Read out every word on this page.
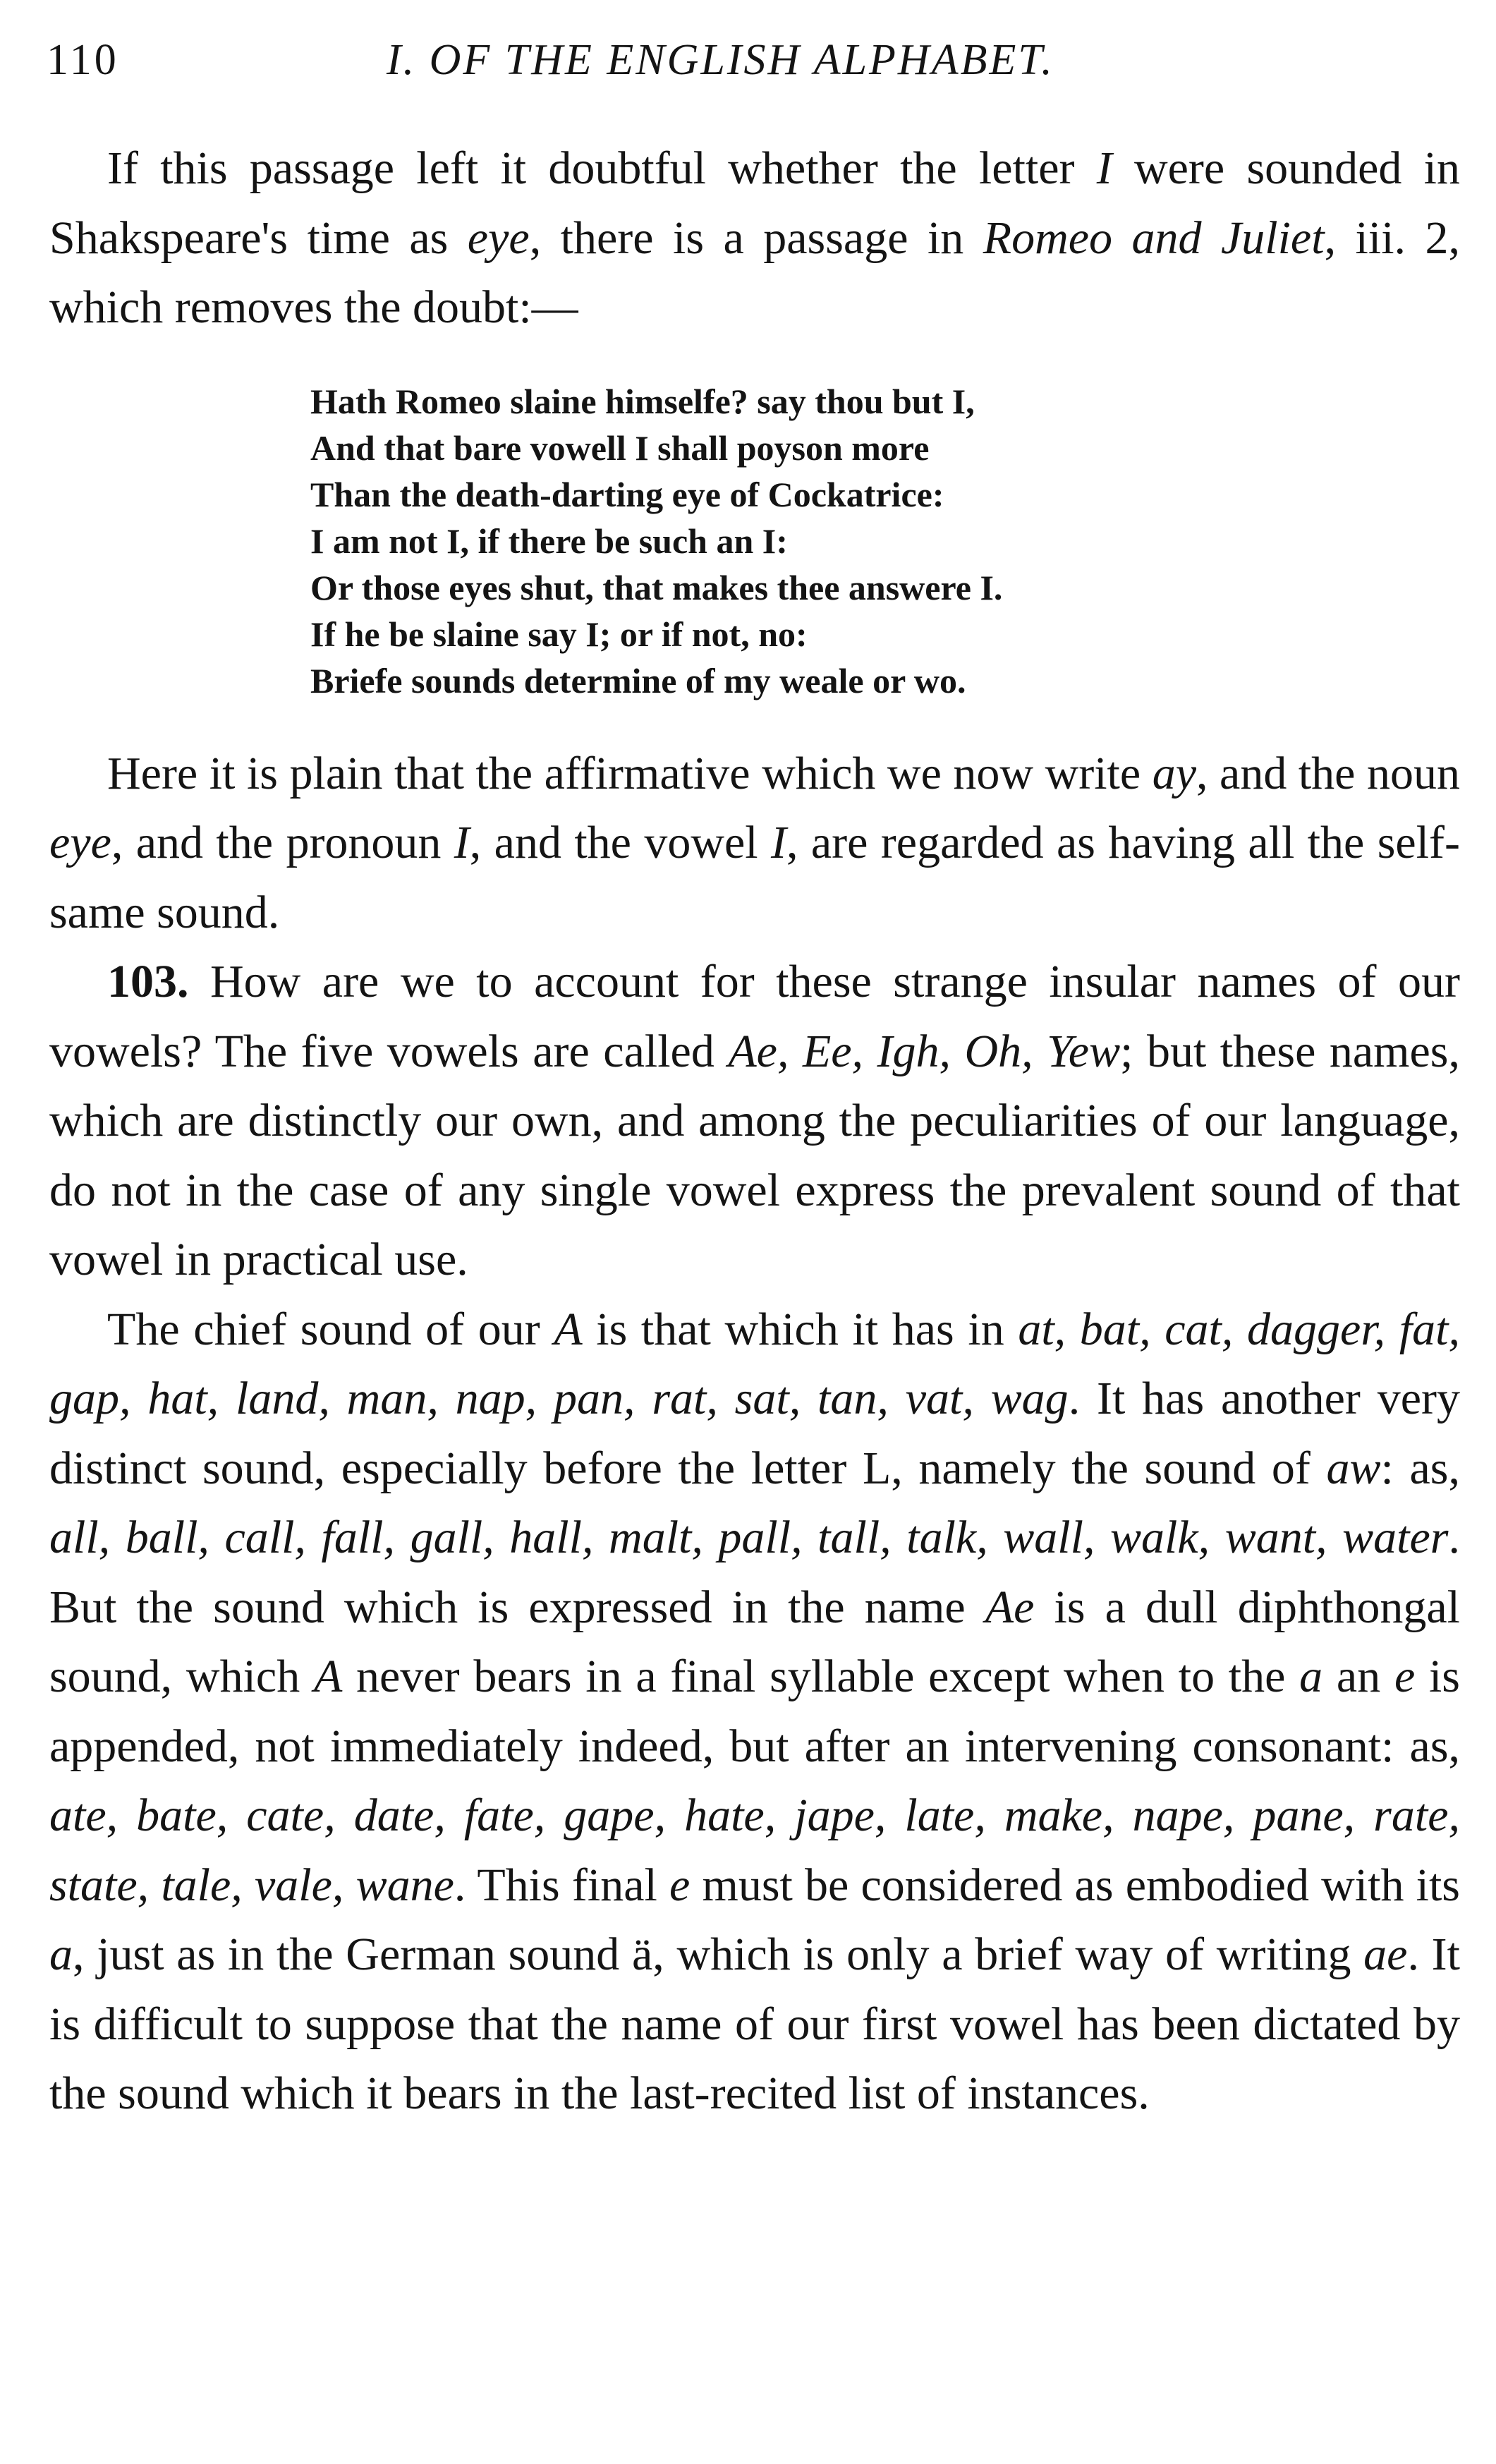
110	I. OF THE ENGLISH ALPHABET.

If this passage left it doubtful whether the letter I were sounded in Shakspeare's time as eye, there is a passage in Romeo and Juliet, iii. 2, which removes the doubt:—

Hath Romeo slaine himselfe? say thou but I,
And that bare vowell I shall poyson more
Than the death-darting eye of Cockatrice:
I am not I, if there be such an I:
Or those eyes shut, that makes thee answere I.
If he be slaine say I; or if not, no:
Briefe sounds determine of my weale or wo.

Here it is plain that the affirmative which we now write ay, and the noun eye, and the pronoun I, and the vowel I, are regarded as having all the self-same sound.

103. How are we to account for these strange insular names of our vowels? The five vowels are called Ae, Ee, Igh, Oh, Yew; but these names, which are distinctly our own, and among the peculiarities of our language, do not in the case of any single vowel express the prevalent sound of that vowel in practical use.

The chief sound of our A is that which it has in at, bat, cat, dagger, fat, gap, hat, land, man, nap, pan, rat, sat, tan, vat, wag. It has another very distinct sound, especially before the letter L, namely the sound of aw: as, all, ball, call, fall, gall, hall, malt, pall, tall, talk, wall, walk, want, water. But the sound which is expressed in the name Ae is a dull diphthongal sound, which A never bears in a final syllable except when to the a an e is appended, not immediately indeed, but after an intervening consonant: as, ate, bate, cate, date, fate, gape, hate, jape, late, make, nape, pane, rate, state, tale, vale, wane. This final e must be considered as embodied with its a, just as in the German sound ä, which is only a brief way of writing ae. It is difficult to suppose that the name of our first vowel has been dictated by the sound which it bears in the last-recited list of instances.
